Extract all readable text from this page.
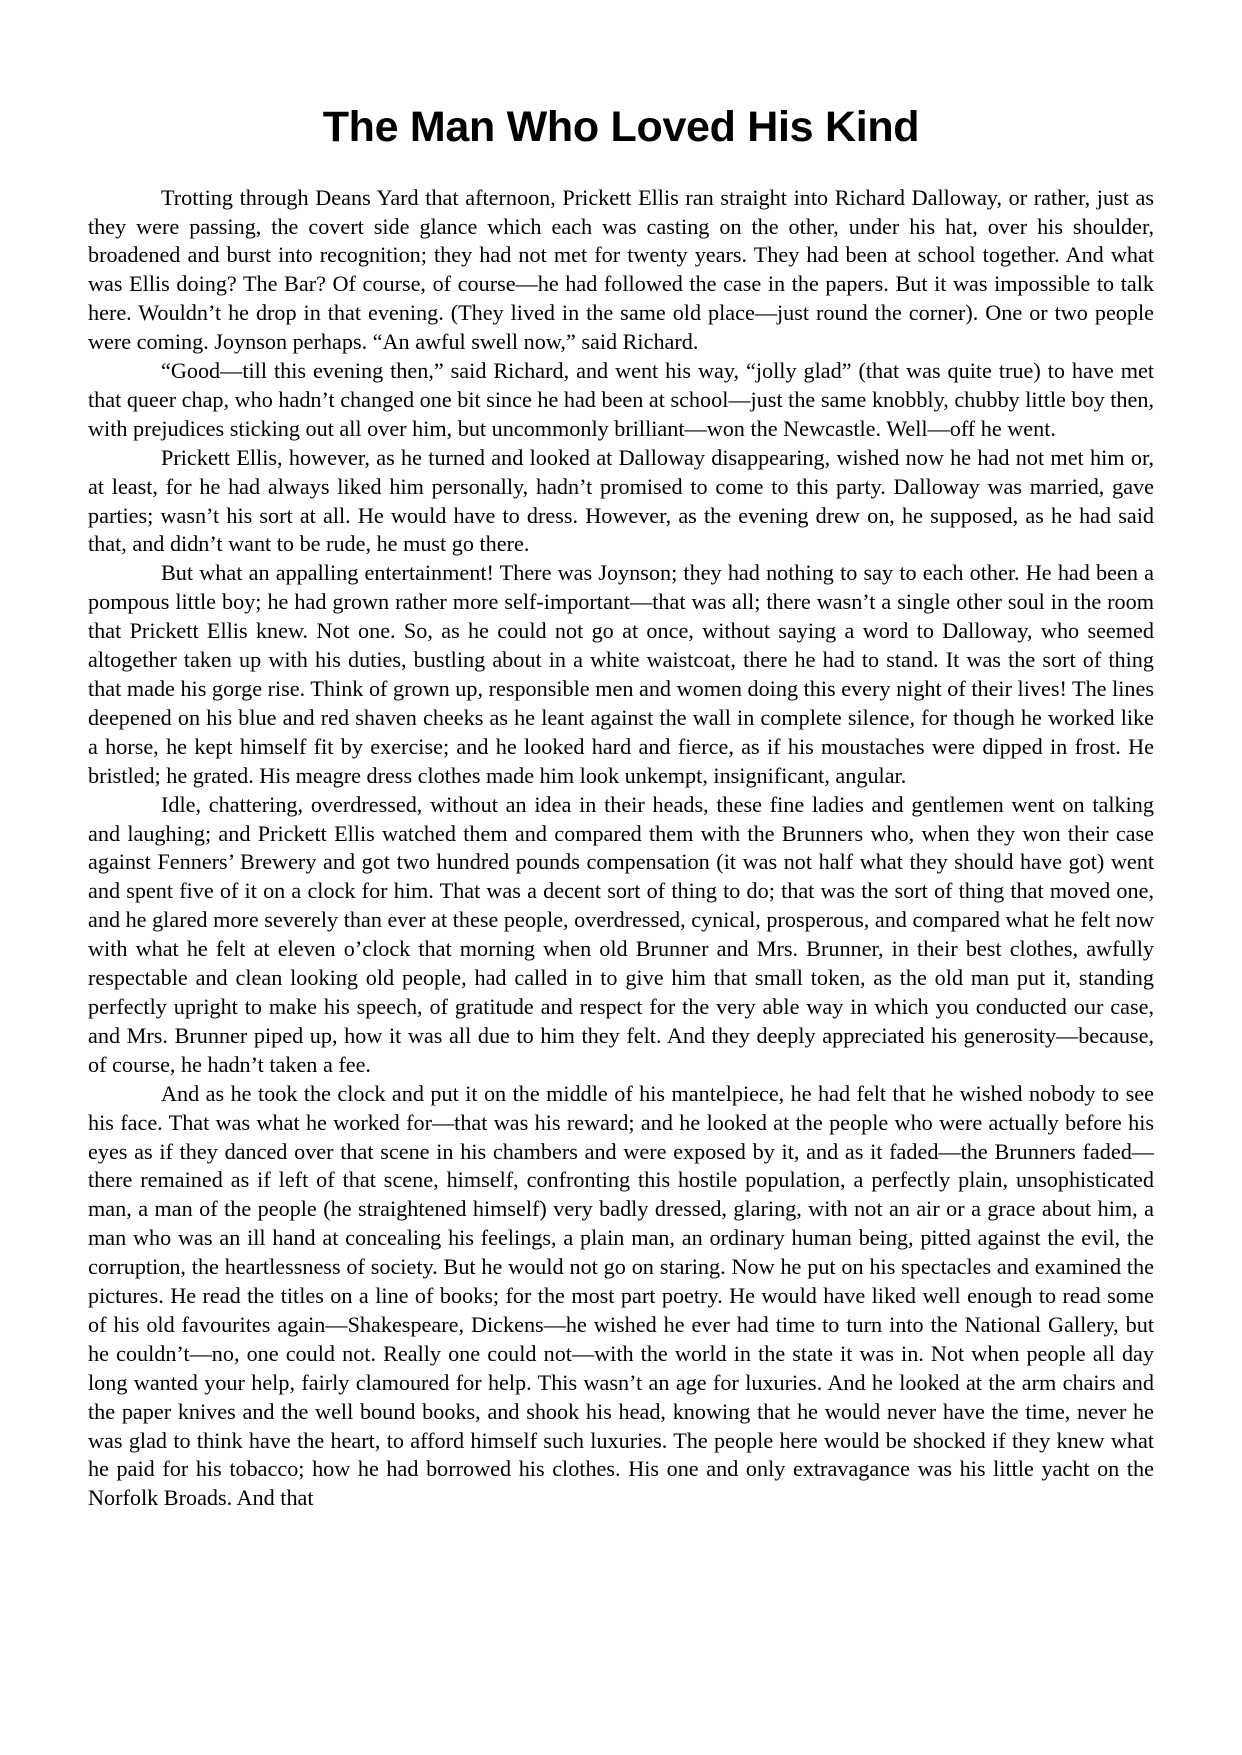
The Man Who Loved His Kind

Trotting through Deans Yard that afternoon, Prickett Ellis ran straight into Richard Dalloway, or rather, just as they were passing, the covert side glance which each was casting on the other, under his hat, over his shoulder, broadened and burst into recognition; they had not met for twenty years. They had been at school together. And what was Ellis doing? The Bar? Of course, of course—he had followed the case in the papers. But it was impossible to talk here. Wouldn’t he drop in that evening. (They lived in the same old place—just round the corner). One or two people were coming. Joynson perhaps. “An awful swell now,” said Richard.

“Good—till this evening then,” said Richard, and went his way, “jolly glad” (that was quite true) to have met that queer chap, who hadn’t changed one bit since he had been at school—just the same knobbly, chubby little boy then, with prejudices sticking out all over him, but uncommonly brilliant—won the Newcastle. Well—off he went.

Prickett Ellis, however, as he turned and looked at Dalloway disappearing, wished now he had not met him or, at least, for he had always liked him personally, hadn’t promised to come to this party. Dalloway was married, gave parties; wasn’t his sort at all. He would have to dress. However, as the evening drew on, he supposed, as he had said that, and didn’t want to be rude, he must go there.

But what an appalling entertainment! There was Joynson; they had nothing to say to each other. He had been a pompous little boy; he had grown rather more self-important—that was all; there wasn’t a single other soul in the room that Prickett Ellis knew. Not one. So, as he could not go at once, without saying a word to Dalloway, who seemed altogether taken up with his duties, bustling about in a white waistcoat, there he had to stand. It was the sort of thing that made his gorge rise. Think of grown up, responsible men and women doing this every night of their lives! The lines deepened on his blue and red shaven cheeks as he leant against the wall in complete silence, for though he worked like a horse, he kept himself fit by exercise; and he looked hard and fierce, as if his moustaches were dipped in frost. He bristled; he grated. His meagre dress clothes made him look unkempt, insignificant, angular.

Idle, chattering, overdressed, without an idea in their heads, these fine ladies and gentlemen went on talking and laughing; and Prickett Ellis watched them and compared them with the Brunners who, when they won their case against Fenners’ Brewery and got two hundred pounds compensation (it was not half what they should have got) went and spent five of it on a clock for him. That was a decent sort of thing to do; that was the sort of thing that moved one, and he glared more severely than ever at these people, overdressed, cynical, prosperous, and compared what he felt now with what he felt at eleven o’clock that morning when old Brunner and Mrs. Brunner, in their best clothes, awfully respectable and clean looking old people, had called in to give him that small token, as the old man put it, standing perfectly upright to make his speech, of gratitude and respect for the very able way in which you conducted our case, and Mrs. Brunner piped up, how it was all due to him they felt. And they deeply appreciated his generosity—because, of course, he hadn’t taken a fee.

And as he took the clock and put it on the middle of his mantelpiece, he had felt that he wished nobody to see his face. That was what he worked for—that was his reward; and he looked at the people who were actually before his eyes as if they danced over that scene in his chambers and were exposed by it, and as it faded—the Brunners faded—there remained as if left of that scene, himself, confronting this hostile population, a perfectly plain, unsophisticated man, a man of the people (he straightened himself) very badly dressed, glaring, with not an air or a grace about him, a man who was an ill hand at concealing his feelings, a plain man, an ordinary human being, pitted against the evil, the corruption, the heartlessness of society. But he would not go on staring. Now he put on his spectacles and examined the pictures. He read the titles on a line of books; for the most part poetry. He would have liked well enough to read some of his old favourites again—Shakespeare, Dickens—he wished he ever had time to turn into the National Gallery, but he couldn’t—no, one could not. Really one could not—with the world in the state it was in. Not when people all day long wanted your help, fairly clamoured for help. This wasn’t an age for luxuries. And he looked at the arm chairs and the paper knives and the well bound books, and shook his head, knowing that he would never have the time, never he was glad to think have the heart, to afford himself such luxuries. The people here would be shocked if they knew what he paid for his tobacco; how he had borrowed his clothes. His one and only extravagance was his little yacht on the Norfolk Broads. And that
